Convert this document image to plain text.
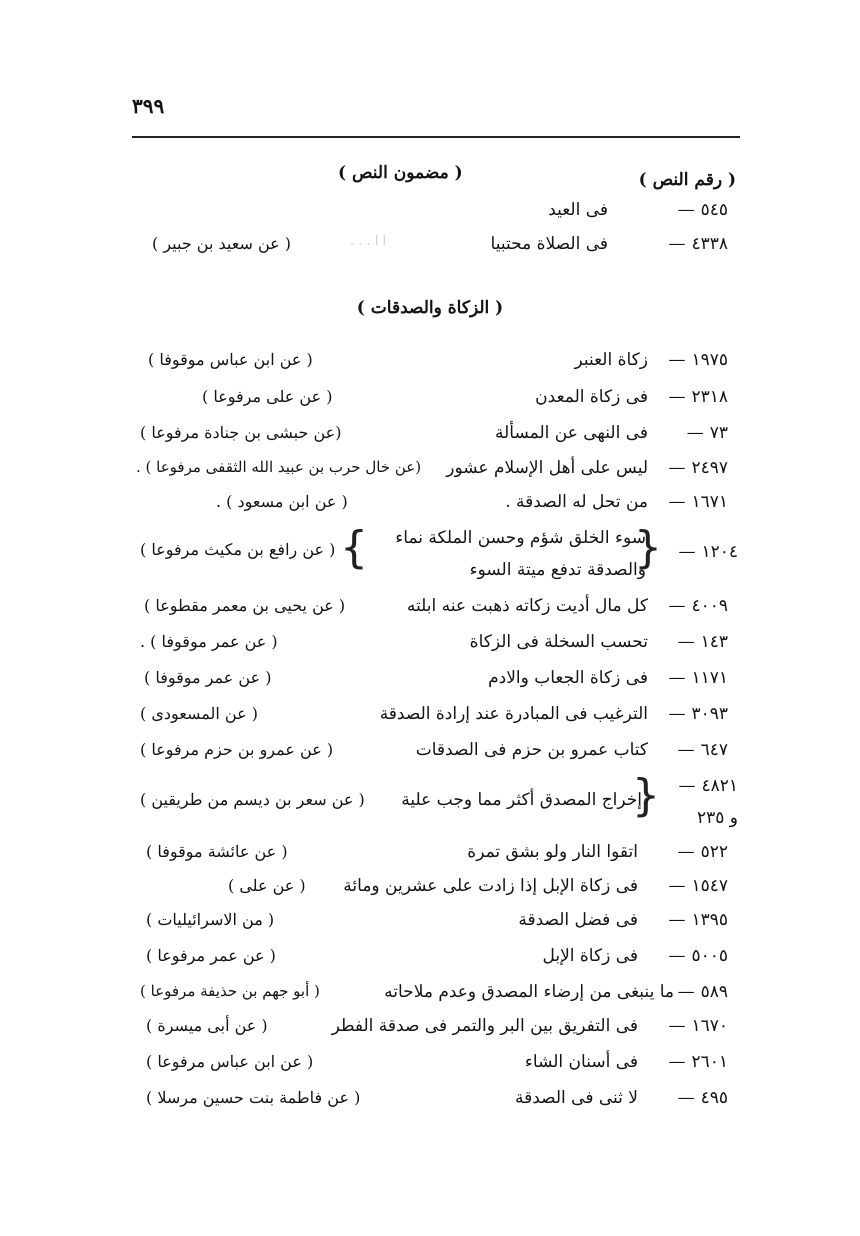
٣٩٩
( رقم النص )
( مضمون النص )
٥٤٥—
فى العيد
٤٣٣٨—
فى الصلاة محتبيا
ا ا . . .
( عن سعيد بن جبير )
( الزكاة والصدقات )
١٩٧٥—
زكاة العنبر
( عن ابن عباس موقوفا )
٢٣١٨—
فى زكاة المعدن
( عن على مرفوعا )
٧٣—
فى النهى عن المسألة
(عن حبشى بن جنادة مرفوعا )
٢٤٩٧—
ليس على أهل الإسلام عشور
(عن خال حرب بن عبيد الله الثقفى مرفوعا ) .
١٦٧١—
من تحل له الصدقة .
( عن ابن مسعود ) .
١٢٠٤—
{
سوء الخلق شؤم وحسن الملكة نماء
والصدقة تدفع ميتة السوء
}
( عن رافع بن مكيث مرفوعا )
٤٠٠٩—
كل مال أديت زكاته ذهبت عنه ابلته
( عن يحيى بن معمر مقطوعا )
١٤٣—
تحسب السخلة فى الزكاة
( عن عمر موقوفا ) .
١١٧١—
فى زكاة الجعاب والادم
( عن عمر موقوفا )
٣٠٩٣—
الترغيب فى المبادرة عند إرادة الصدقة
( عن المسعودى )
٦٤٧—
كتاب عمرو بن حزم فى الصدقات
( عن عمرو بن حزم مرفوعا )
٤٨٢١—
و ٢٣٥
{
إخراج المصدق أكثر مما وجب علية
( عن سعر بن ديسم من طريقين )
٥٢٢—
اتقوا النار ولو بشق تمرة
( عن عائشة موقوفا )
١٥٤٧—
فى زكاة الإبل إذا زادت على عشرين ومائة
( عن على )
١٣٩٥—
فى فضل الصدقة
( من الاسرائيليات )
٥٠٠٥—
فى زكاة الإبل
( عن عمر مرفوعا )
٥٨٩—
ما ينبغى من إرضاء المصدق وعدم ملاحاته
( أبو جهم بن حذيفة مرفوعا )
١٦٧٠—
فى التفريق بين البر والتمر فى صدقة الفطر
( عن أبى ميسرة )
٢٦٠١—
فى أسنان الشاء
( عن ابن عباس مرفوعا )
٤٩٥—
لا ثنى فى الصدقة
( عن فاطمة بنت حسين مرسلا )
